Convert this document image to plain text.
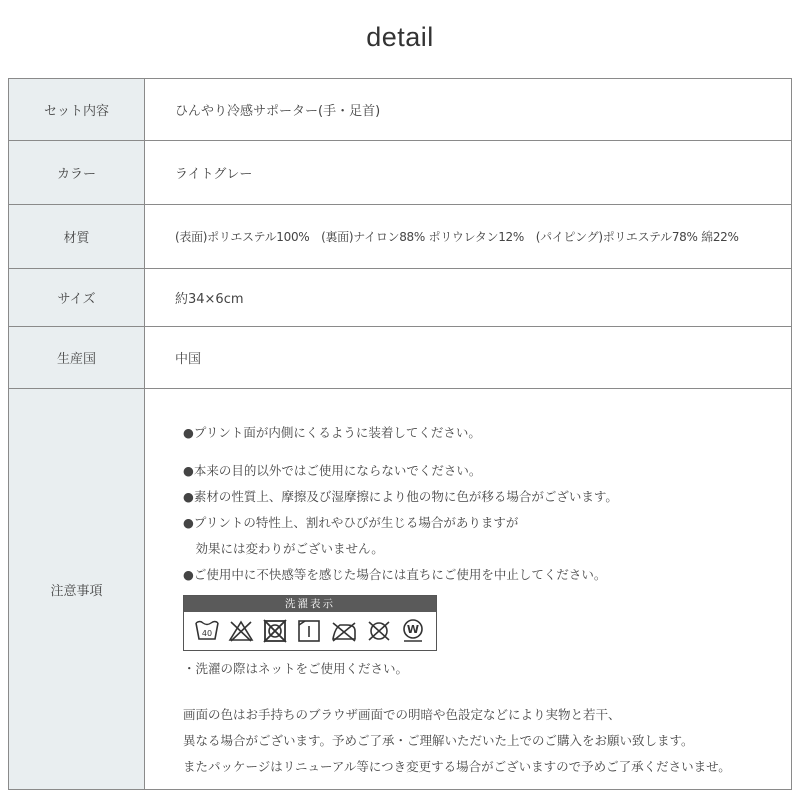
detail
セット内容	ひんやり冷感サポーター(手・足首)
カラー	ライトグレー
材質	(表面)ポリエステル100%　(裏面)ナイロン88% ポリウレタン12%　(パイピング)ポリエステル78% 綿22%
サイズ	約34×6cm
生産国	中国
注意事項
●プリント面が内側にくるように装着してください。
●本来の目的以外ではご使用にならないでください。
●素材の性質上、摩擦及び湿摩擦により他の物に色が移る場合がございます。
●プリントの特性上、割れやひびが生じる場合がありますが
　効果には変わりがございません。
●ご使用中に不快感等を感じた場合には直ちにご使用を中止してください。
洗濯表示
40	W
・洗濯の際はネットをご使用ください。
画面の色はお手持ちのブラウザ画面での明暗や色設定などにより実物と若干、
異なる場合がございます。予めご了承・ご理解いただいた上でのご購入をお願い致します。
またパッケージはリニューアル等につき変更する場合がございますので予めご了承くださいませ。
